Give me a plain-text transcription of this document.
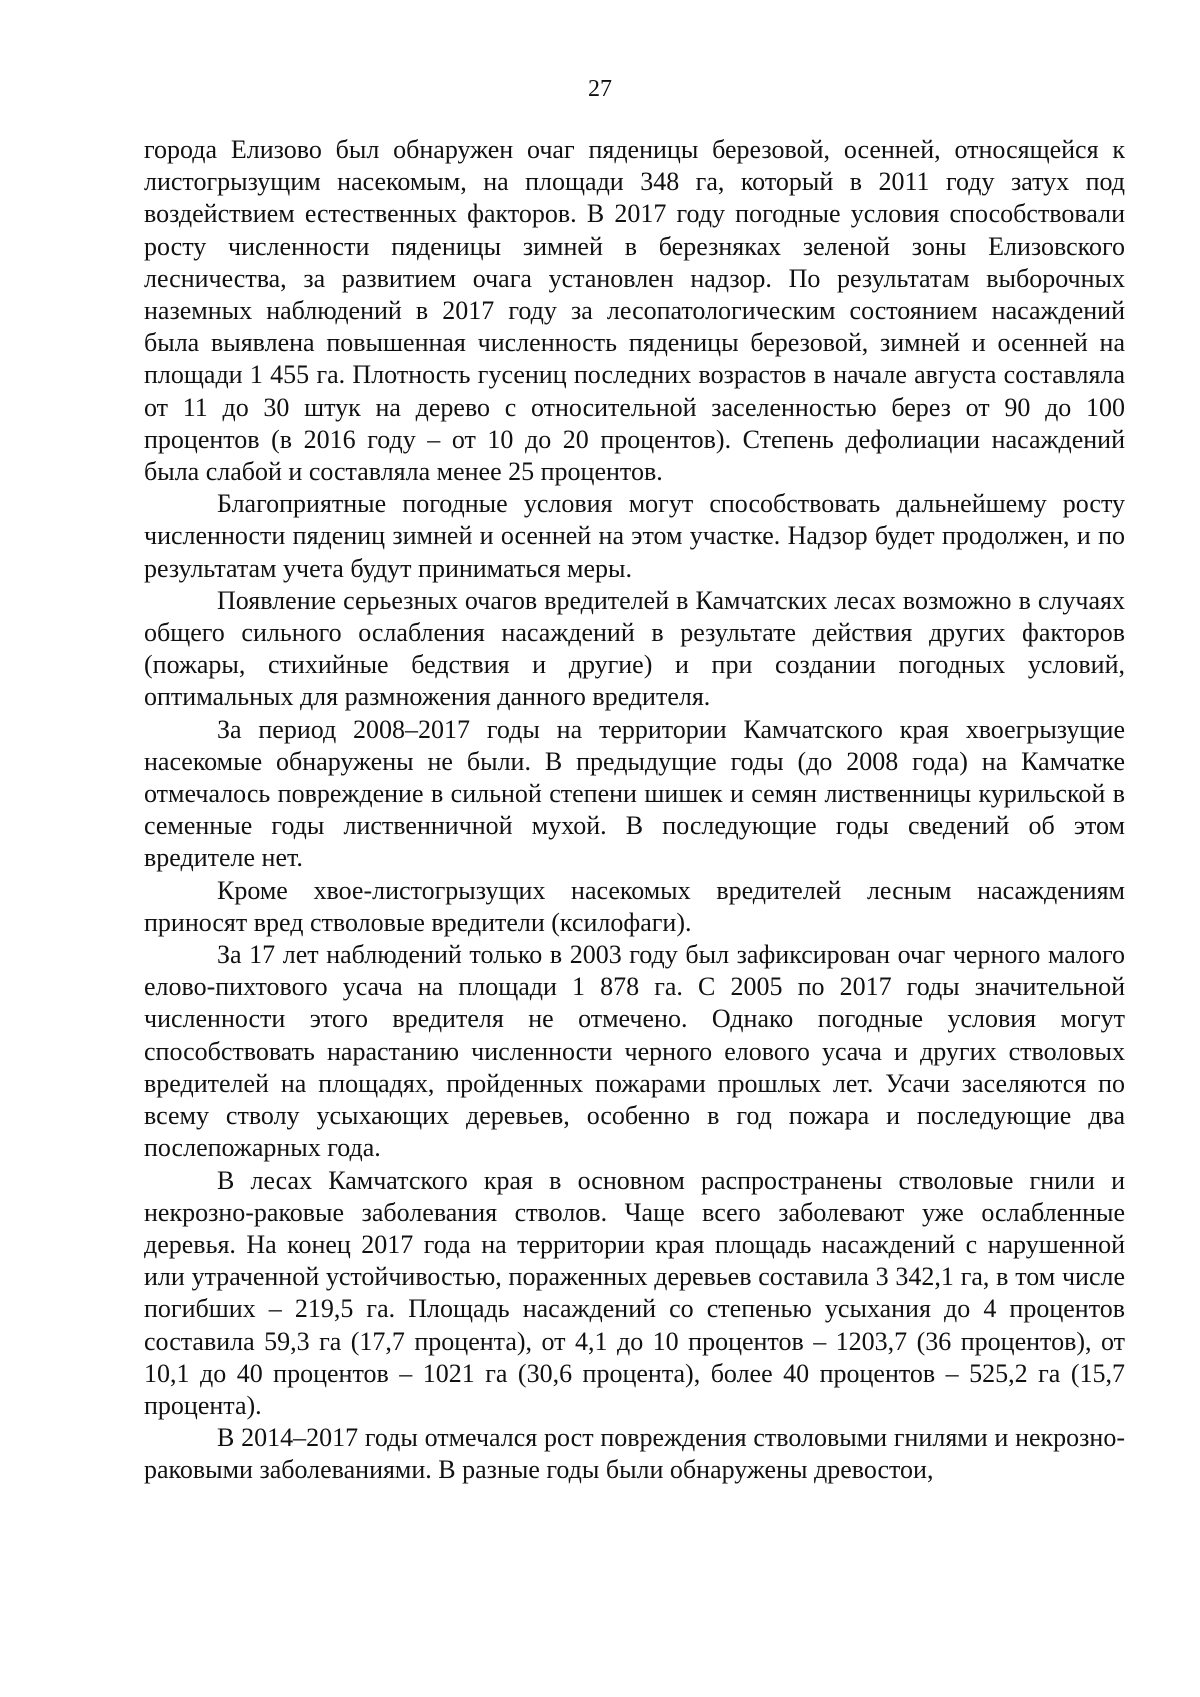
27

города Елизово был обнаружен очаг пяденицы березовой, осенней, относящейся к листогрызущим насекомым, на площади 348 га, который в 2011 году затух под воздействием естественных факторов. В 2017 году погодные условия способствовали росту численности пяденицы зимней в березняках зеленой зоны Елизовского лесничества, за развитием очага установлен надзор. По результатам выборочных наземных наблюдений в 2017 году за лесопатологическим состоянием насаждений была выявлена повышенная численность пяденицы березовой, зимней и осенней на площади 1 455 га. Плотность гусениц последних возрастов в начале августа составляла от 11 до 30 штук на дерево с относительной заселенностью берез от 90 до 100 процентов (в 2016 году – от 10 до 20 процентов). Степень дефолиации насаждений была слабой и составляла менее 25 процентов.

Благоприятные погодные условия могут способствовать дальнейшему росту численности пядениц зимней и осенней на этом участке. Надзор будет продолжен, и по результатам учета будут приниматься меры.

Появление серьезных очагов вредителей в Камчатских лесах возможно в случаях общего сильного ослабления насаждений в результате действия других факторов (пожары, стихийные бедствия и другие) и при создании погодных условий, оптимальных для размножения данного вредителя.

За период 2008–2017 годы на территории Камчатского края хвоегрызущие насекомые обнаружены не были. В предыдущие годы (до 2008 года) на Камчатке отмечалось повреждение в сильной степени шишек и семян лиственницы курильской в семенные годы лиственничной мухой. В последующие годы сведений об этом вредителе нет.

Кроме хвое-листогрызущих насекомых вредителей лесным насаждениям приносят вред стволовые вредители (ксилофаги).

За 17 лет наблюдений только в 2003 году был зафиксирован очаг черного малого елово-пихтового усача на площади 1 878 га. С 2005 по 2017 годы значительной численности этого вредителя не отмечено. Однако погодные условия могут способствовать нарастанию численности черного елового усача и других стволовых вредителей на площадях, пройденных пожарами прошлых лет. Усачи заселяются по всему стволу усыхающих деревьев, особенно в год пожара и последующие два послепожарных года.

В лесах Камчатского края в основном распространены стволовые гнили и некрозно-раковые заболевания стволов. Чаще всего заболевают уже ослабленные деревья. На конец 2017 года на территории края площадь насаждений с нарушенной или утраченной устойчивостью, пораженных деревьев составила 3 342,1 га, в том числе погибших – 219,5 га. Площадь насаждений со степенью усыхания до 4 процентов составила 59,3 га (17,7 процента), от 4,1 до 10 процентов – 1203,7 (36 процентов), от 10,1 до 40 процентов – 1021 га (30,6 процента), более 40 процентов – 525,2 га (15,7 процента).

В 2014–2017 годы отмечался рост повреждения стволовыми гнилями и некрозно-раковыми заболеваниями. В разные годы были обнаружены древостои,
